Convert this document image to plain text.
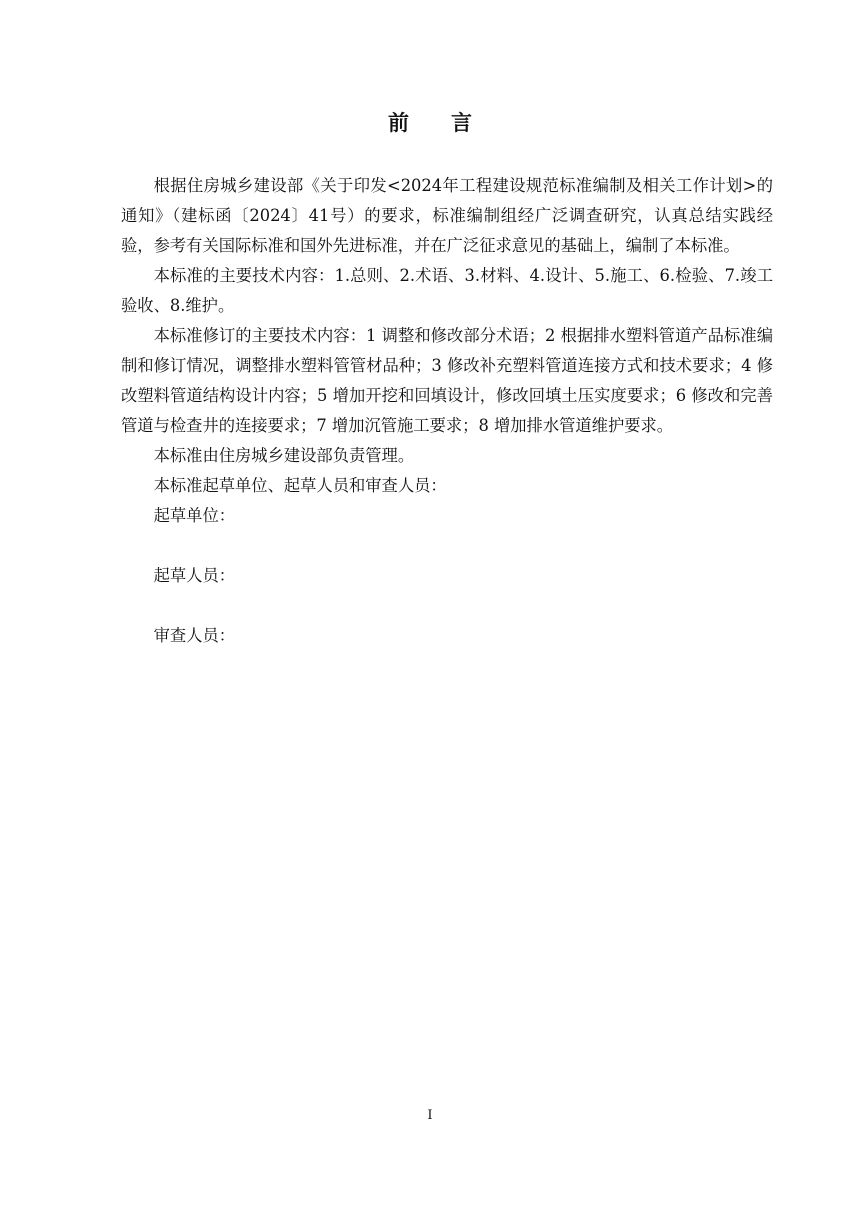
前言

根据住房城乡建设部《关于印发<2024年工程建设规范标准编制及相关工作计划>的通知》（建标函〔2024〕41号）的要求，标准编制组经广泛调查研究，认真总结实践经验，参考有关国际标准和国外先进标准，并在广泛征求意见的基础上，编制了本标准。

本标准的主要技术内容：1.总则、2.术语、3.材料、4.设计、5.施工、6.检验、7.竣工验收、8.维护。

本标准修订的主要技术内容：1 调整和修改部分术语；2 根据排水塑料管道产品标准编制和修订情况，调整排水塑料管管材品种；3 修改补充塑料管道连接方式和技术要求；4 修改塑料管道结构设计内容；5 增加开挖和回填设计，修改回填土压实度要求；6 修改和完善管道与检查井的连接要求；7 增加沉管施工要求；8 增加排水管道维护要求。

本标准由住房城乡建设部负责管理。

本标准起草单位、起草人员和审查人员：

起草单位：

起草人员：

审查人员：

I
